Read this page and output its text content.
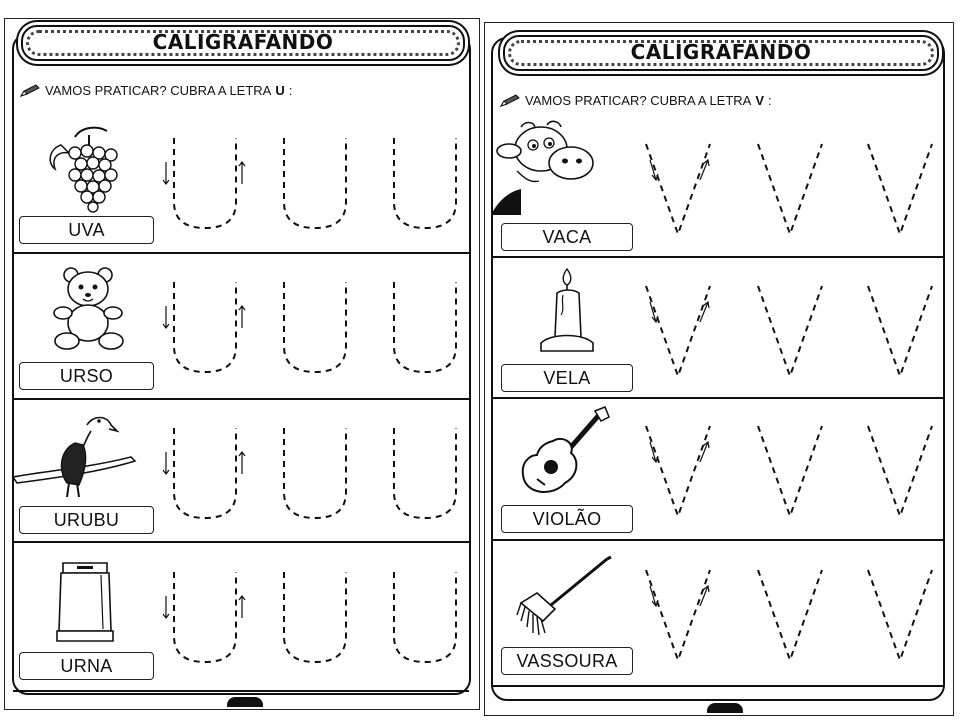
CALIGRAFANDO
VAMOS PRATICAR? CUBRA A LETRA U :
UVA
URSO
URUBU
URNA
CALIGRAFANDO
VAMOS PRATICAR? CUBRA A LETRA V :
VACA
VELA
VIOLÃO
VASSOURA
